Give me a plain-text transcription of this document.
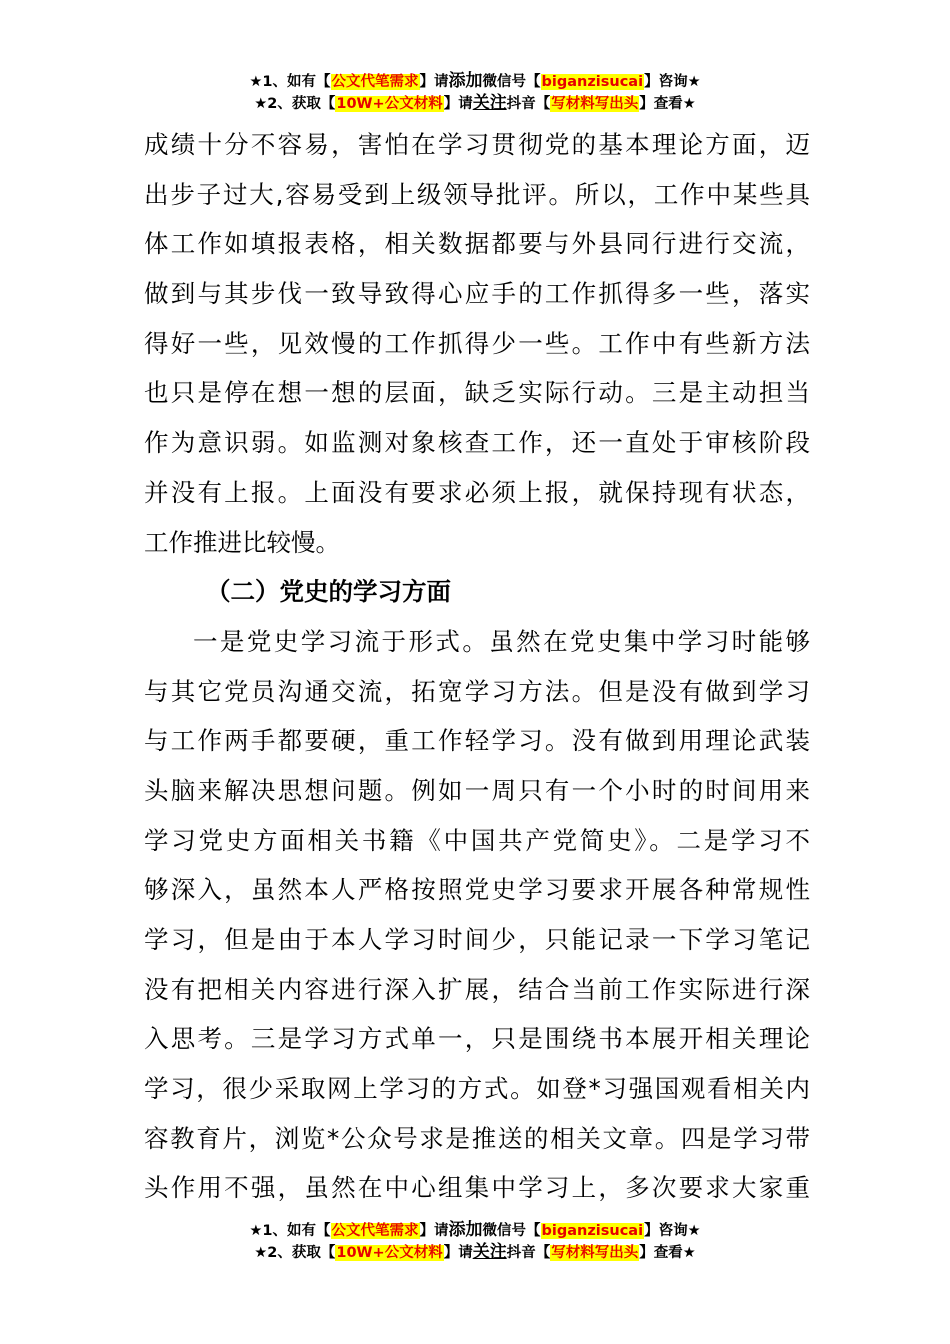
★1、如有【公文代笔需求】请添加微信号【biganzisucai】咨询★
★2、获取【10W+公文材料】请关注抖音【写材料写出头】查看★
成绩十分不容易，害怕在学习贯彻党的基本理论方面，迈
出步子过大,容易受到上级领导批评。所以，工作中某些具
体工作如填报表格，相关数据都要与外县同行进行交流，
做到与其步伐一致导致得心应手的工作抓得多一些，落实
得好一些，见效慢的工作抓得少一些。工作中有些新方法
也只是停在想一想的层面，缺乏实际行动。三是主动担当
作为意识弱。如监测对象核查工作，还一直处于审核阶段
并没有上报。上面没有要求必须上报，就保持现有状态，
工作推进比较慢。
（二）党史的学习方面
一是党史学习流于形式。虽然在党史集中学习时能够
与其它党员沟通交流，拓宽学习方法。但是没有做到学习
与工作两手都要硬，重工作轻学习。没有做到用理论武装
头脑来解决思想问题。例如一周只有一个小时的时间用来
学习党史方面相关书籍《中国共产党简史》。二是学习不
够深入，虽然本人严格按照党史学习要求开展各种常规性
学习，但是由于本人学习时间少，只能记录一下学习笔记
没有把相关内容进行深入扩展，结合当前工作实际进行深
入思考。三是学习方式单一，只是围绕书本展开相关理论
学习，很少采取网上学习的方式。如登*习强国观看相关内
容教育片，浏览*公众号求是推送的相关文章。四是学习带
头作用不强，虽然在中心组集中学习上，多次要求大家重
★1、如有【公文代笔需求】请添加微信号【biganzisucai】咨询★
★2、获取【10W+公文材料】请关注抖音【写材料写出头】查看★
